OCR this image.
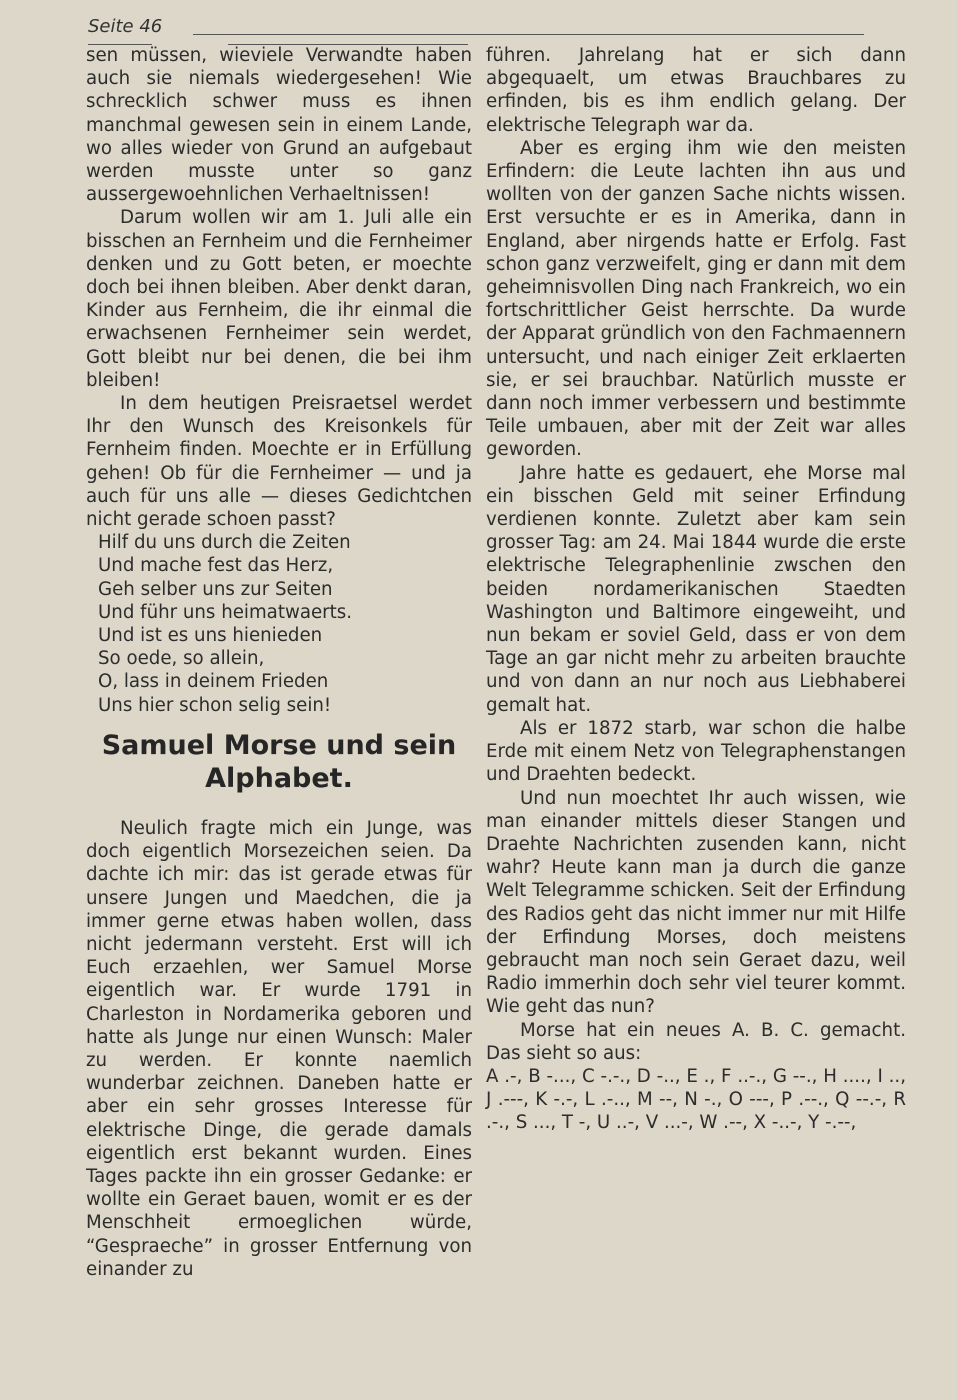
Seite 46

sen müssen, wieviele Verwandte haben auch sie niemals wiedergesehen! Wie schrecklich schwer muss es ihnen manchmal gewesen sein in einem Lande, wo alles wieder von Grund an aufgebaut werden musste unter so ganz aussergewoehnlichen Verhaeltnissen!

Darum wollen wir am 1. Juli alle ein bisschen an Fernheim und die Fernheimer denken und zu Gott beten, er moechte doch bei ihnen bleiben. Aber denkt daran, Kinder aus Fernheim, die ihr einmal die erwachsenen Fernheimer sein werdet, Gott bleibt nur bei denen, die bei ihm bleiben!

In dem heutigen Preisraetsel werdet Ihr den Wunsch des Kreisonkels für Fernheim finden. Moechte er in Erfüllung gehen! Ob für die Fernheimer — und ja auch für uns alle — dieses Gedichtchen nicht gerade schoen passt?

Hilf du uns durch die Zeiten
Und mache fest das Herz,
Geh selber uns zur Seiten
Und führ uns heimatwaerts.
Und ist es uns hienieden
So oede, so allein,
O, lass in deinem Frieden
Uns hier schon selig sein!
Samuel Morse und sein Alphabet.

Neulich fragte mich ein Junge, was doch eigentlich Morsezeichen seien. Da dachte ich mir: das ist gerade etwas für unsere Jungen und Maedchen, die ja immer gerne etwas haben wollen, dass nicht jedermann versteht. Erst will ich Euch erzaehlen, wer Samuel Morse eigentlich war. Er wurde 1791 in Charleston in Nordamerika geboren und hatte als Junge nur einen Wunsch: Maler zu werden. Er konnte naemlich wunderbar zeichnen. Daneben hatte er aber ein sehr grosses Interesse für elektrische Dinge, die gerade damals eigentlich erst bekannt wurden. Eines Tages packte ihn ein grosser Gedanke: er wollte ein Geraet bauen, womit er es der Menschheit ermoeglichen würde, “Gespraeche” in grosser Entfernung von einander zu

führen. Jahrelang hat er sich dann abgequaelt, um etwas Brauchbares zu erfinden, bis es ihm endlich gelang. Der elektrische Telegraph war da.

Aber es erging ihm wie den meisten Erfindern: die Leute lachten ihn aus und wollten von der ganzen Sache nichts wissen. Erst versuchte er es in Amerika, dann in England, aber nirgends hatte er Erfolg. Fast schon ganz verzweifelt, ging er dann mit dem geheimnisvollen Ding nach Frankreich, wo ein fortschrittlicher Geist herrschte. Da wurde der Apparat gründlich von den Fachmaennern untersucht, und nach einiger Zeit erklaerten sie, er sei brauchbar. Natürlich musste er dann noch immer verbessern und bestimmte Teile umbauen, aber mit der Zeit war alles geworden.

Jahre hatte es gedauert, ehe Morse mal ein bisschen Geld mit seiner Erfindung verdienen konnte. Zuletzt aber kam sein grosser Tag: am 24. Mai 1844 wurde die erste elektrische Telegraphenlinie zwschen den beiden nordamerikanischen Staedten Washington und Baltimore eingeweiht, und nun bekam er soviel Geld, dass er von dem Tage an gar nicht mehr zu arbeiten brauchte und von dann an nur noch aus Liebhaberei gemalt hat.

Als er 1872 starb, war schon die halbe Erde mit einem Netz von Telegraphenstangen und Draehten bedeckt.

Und nun moechtet Ihr auch wissen, wie man einander mittels dieser Stangen und Draehte Nachrichten zusenden kann, nicht wahr? Heute kann man ja durch die ganze Welt Telegramme schicken. Seit der Erfindung des Radios geht das nicht immer nur mit Hilfe der Erfindung Morses, doch meistens gebraucht man noch sein Geraet dazu, weil Radio immerhin doch sehr viel teurer kommt. Wie geht das nun?

Morse hat ein neues A. B. C. gemacht. Das sieht so aus:

A .-, B -..., C -.-., D -.., E ., F ..-., G --., H ...., I .., J .---, K -.-, L .-.., M --, N -., O ---, P .--., Q --.-, R .-., S ..., T -, U ..-, V ...-, W .--, X -..-, Y -.--,
